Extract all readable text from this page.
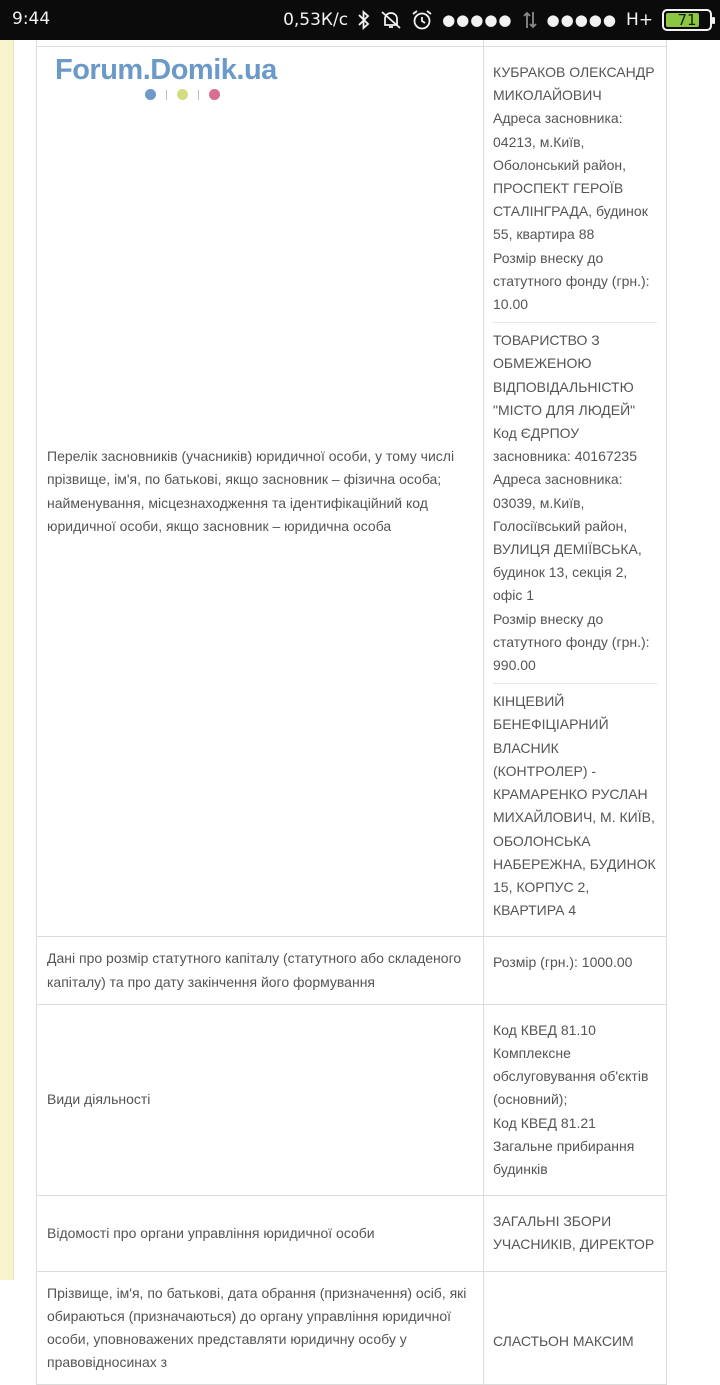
9:44	0,53К/с	●●●●● ●●●●● H+ 71
Перелік засновників (учасників) юридичної особи, у тому числі прізвище, ім'я, по батькові, якщо засновник – фізична особа; найменування, місцезнаходження та ідентифікаційний код юридичної особи, якщо засновник – юридична особа
КУБРАКОВ ОЛЕКСАНДР МИКОЛАЙОВИЧ
Адреса засновника: 04213, м.Київ, Оболонський район, ПРОСПЕКТ ГЕРОЇВ СТАЛІНГРАДА, будинок 55, квартира 88
Розмір внеску до статутного фонду (грн.): 10.00
ТОВАРИСТВО З ОБМЕЖЕНОЮ ВІДПОВІДАЛЬНІСТЮ "МІСТО ДЛЯ ЛЮДЕЙ"
Код ЄДРПОУ засновника: 40167235
Адреса засновника: 03039, м.Київ, Голосіївський район, ВУЛИЦЯ ДЕМІЇВСЬКА, будинок 13, секція 2, офіс 1
Розмір внеску до статутного фонду (грн.): 990.00
КІНЦЕВИЙ БЕНЕФІЦІАРНИЙ ВЛАСНИК (КОНТРОЛЕР) - КРАМАРЕНКО РУСЛАН МИХАЙЛОВИЧ, М. КИЇВ, ОБОЛОНСЬКА НАБЕРЕЖНА, БУДИНОК 15, КОРПУС 2, КВАРТИРА 4
Дані про розмір статутного капіталу (статутного або складеного капіталу) та про дату закінчення його формування
Розмір (грн.): 1000.00
Види діяльності
Код КВЕД 81.10 Комплексне обслуговування об'єктів (основний);
Код КВЕД 81.21 Загальне прибирання будинків
Відомості про органи управління юридичної особи
ЗАГАЛЬНІ ЗБОРИ УЧАСНИКІВ, ДИРЕКТОР
Прізвище, ім'я, по батькові, дата обрання (призначення) осіб, які обираються (призначаються) до органу управління юридичної особи, уповноважених представляти юридичну особу у правовідносинах з
СЛАСТЬОН МАКСИМ
Forum.Domik.ua
